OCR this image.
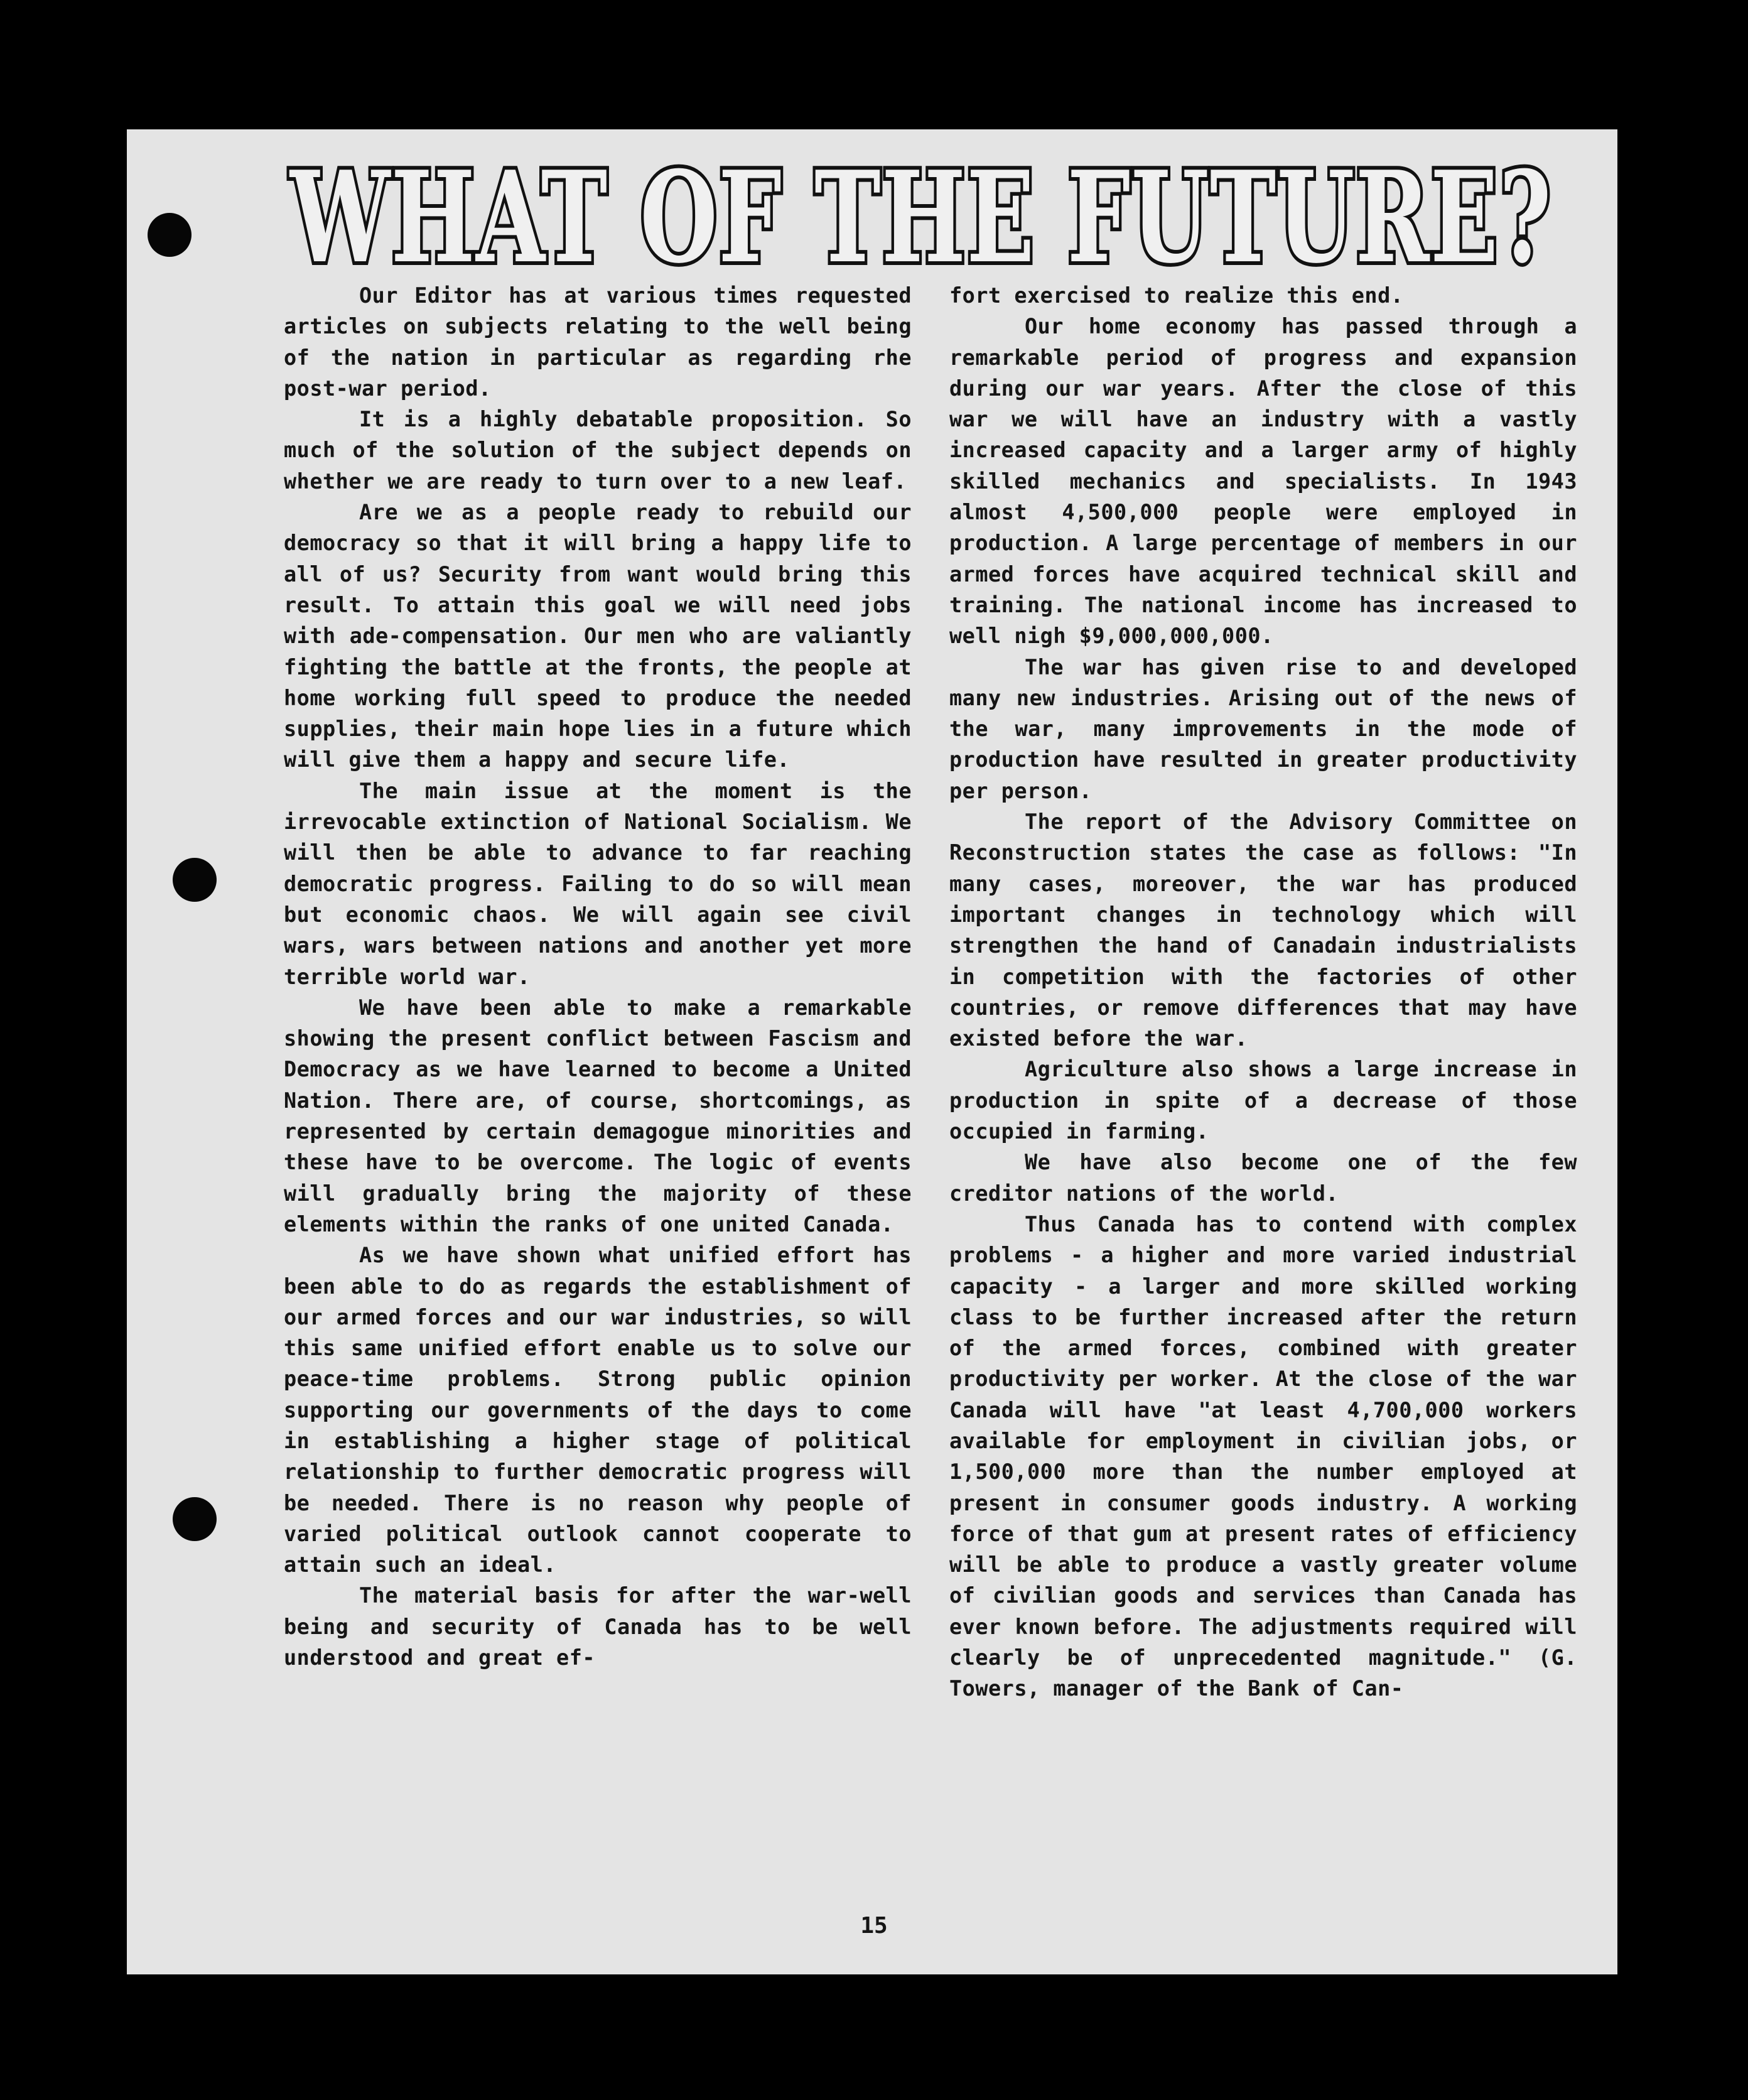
WHAT OF THE FUTURE?

Our Editor has at various times requested articles on subjects relating to the well being of the nation in particular as regarding rhe post-war period.

It is a highly debatable proposition. So much of the solution of the subject depends on whether we are ready to turn over to a new leaf.

Are we as a people ready to rebuild our democracy so that it will bring a happy life to all of us? Security from want would bring this result. To attain this goal we will need jobs with ade-compensation. Our men who are valiantly fighting the battle at the fronts, the people at home working full speed to produce the needed supplies, their main hope lies in a future which will give them a happy and secure life.

The main issue at the moment is the irrevocable extinction of National Socialism. We will then be able to advance to far reaching democratic progress. Failing to do so will mean but economic chaos. We will again see civil wars, wars between nations and another yet more terrible world war.

We have been able to make a remarkable showing the present conflict between Fascism and Democracy as we have learned to become a United Nation. There are, of course, shortcomings, as represented by certain demagogue minorities and these have to be overcome. The logic of events will gradually bring the majority of these elements within the ranks of one united Canada.

As we have shown what unified effort has been able to do as regards the establishment of our armed forces and our war industries, so will this same unified effort enable us to solve our peace-time problems. Strong public opinion supporting our governments of the days to come in establishing a higher stage of political relationship to further democratic progress will be needed. There is no reason why people of varied political outlook cannot cooperate to attain such an ideal.

The material basis for after the war-well being and security of Canada has to be well understood and great ef-

fort exercised to realize this end.

Our home economy has passed through a remarkable period of progress and expansion during our war years. After the close of this war we will have an industry with a vastly increased capacity and a larger army of highly skilled mechanics and specialists. In 1943 almost 4,500,000 people were employed in production. A large percentage of members in our armed forces have acquired technical skill and training. The national income has increased to well nigh $9,000,000,000.

The war has given rise to and developed many new industries. Arising out of the news of the war, many improvements in the mode of production have resulted in greater productivity per person.

The report of the Advisory Committee on Reconstruction states the case as follows: "In many cases, moreover, the war has produced important changes in technology which will strengthen the hand of Canadain industrialists in competition with the factories of other countries, or remove differences that may have existed before the war.

Agriculture also shows a large increase in production in spite of a decrease of those occupied in farming.

We have also become one of the few creditor nations of the world.

Thus Canada has to contend with complex problems - a higher and more varied industrial capacity - a larger and more skilled working class to be further increased after the return of the armed forces, combined with greater productivity per worker. At the close of the war Canada will have "at least 4,700,000 workers available for employment in civilian jobs, or 1,500,000 more than the number employed at present in consumer goods industry. A working force of that gum at present rates of efficiency will be able to produce a vastly greater volume of civilian goods and services than Canada has ever known before. The adjustments required will clearly be of unprecedented magnitude." (G. Towers, manager of the Bank of Can-

15
